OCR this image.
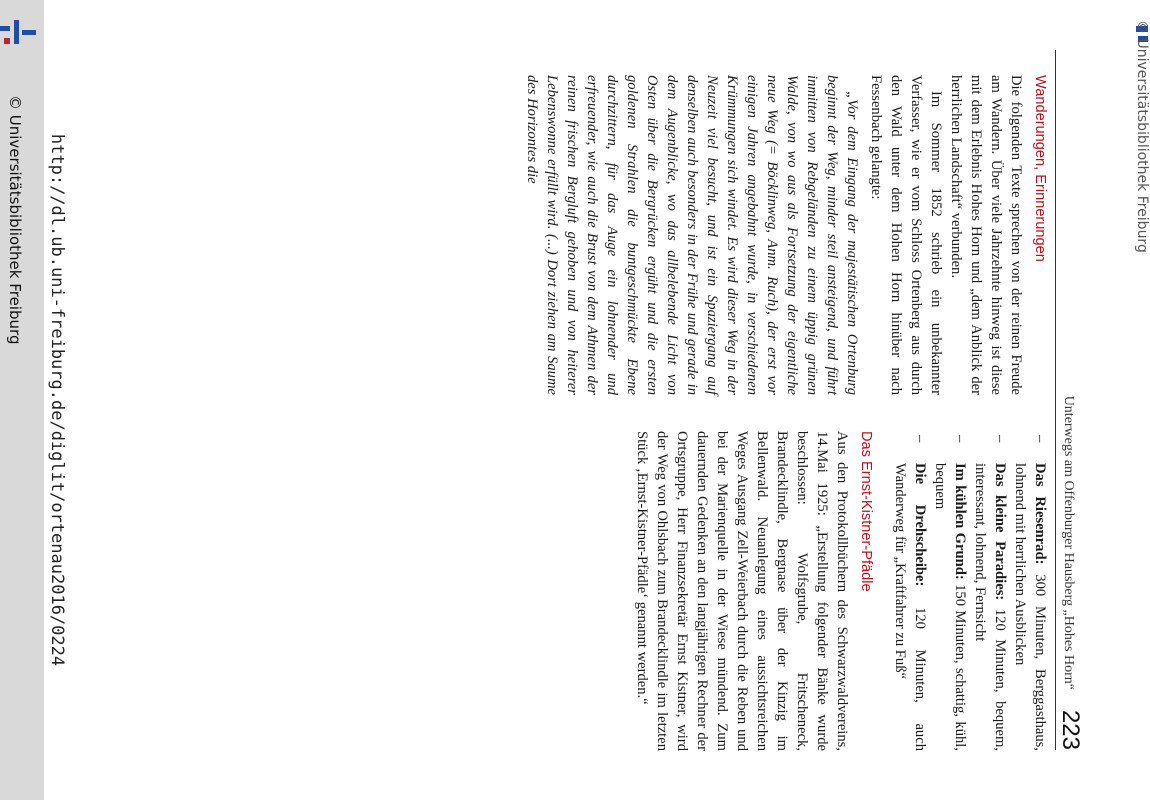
© Universitätsbibliothek Freiburg
Unterwegs am Offenburger Hausberg „Hohes Horn“
223
–
Das Riesenrad: 300 Minuten, Berggasthaus, lohnend mit herrlichen Ausblicken
–
Das kleine Paradies: 120 Minuten, bequem, interessant, lohnend, Fernsicht
–
Im kühlen Grund: 150 Minuten, schattig, kühl, bequem
–
Die Drehscheibe: 120 Minuten, auch Wanderweg für „Kraftfahrer zu Fuß“
Das Ernst-Kistner-Pfädle

Aus den Protokollbüchern des Schwarzwaldvereins, 14.Mai 1925: „Erstellung folgender Bänke wurde beschlossen: Wolfsgrube, Fritscheneck, Brandecklindle, Bergnase über der Kinzig im Bellenwald. Neuanlegung eines aussichtsreichen Weges Ausgang Zell-Weierbach durch die Reben und bei der Marienquelle in der Wiese mündend. Zum dauernden Gedenken an den langjährigen Rechner der Ortsgruppe, Herr Finanzsekretär Ernst Kistner, wird der Weg von Ohlsbach zum Brandecklindle im letzten Stück ‚Ernst-Kistner-Pfädle‘ genannt werden.“

Wanderungen, Erinnerungen

Die folgenden Texte sprechen von der reinen Freude am Wandern. Über viele Jahrzehnte hinweg ist diese mit dem Erlebnis Hohes Horn und „dem Anblick der herrlichen Landschaft“ verbunden.

Im Sommer 1852 schrieb ein unbekannter Verfasser, wie er vom Schloss Ortenberg aus durch den Wald unter dem Hohen Horn hinüber nach Fessenbach gelangte:

„Vor dem Eingang der majestätischen Ortenburg beginnt der Weg, minder steil ansteigend, und führt inmitten von Rebgeländen zu einem üppig grünen Walde, von wo aus als Fortsetzung der eigentliche neue Weg (= Böcklinweg, Anm. Ruch), der erst vor einigen Jahren angebahnt wurde, in verschiedenen Krümmungen sich windet. Es wird dieser Weg in der Neuzeit viel besucht, und ist ein Spaziergang auf denselben auch besonders in der Frühe und gerade in dem Augenblicke, wo das allbelebende Licht von Osten über die Bergrücken ergüht und die ersten goldenen Strahlen die buntgeschmückte Ebene durchzittern, für das Auge ein lohnender und erfreuender, wie auch die Brust von dem Athmen der reinen frischen Bergluft gehoben und von heiterer Lebenswonne erfüllt wird. (...) Dort ziehen am Saume des Horizontes die

http://dl.ub.uni-freiburg.de/diglit/ortenau2016/0224
© Universitätsbibliothek Freiburg
